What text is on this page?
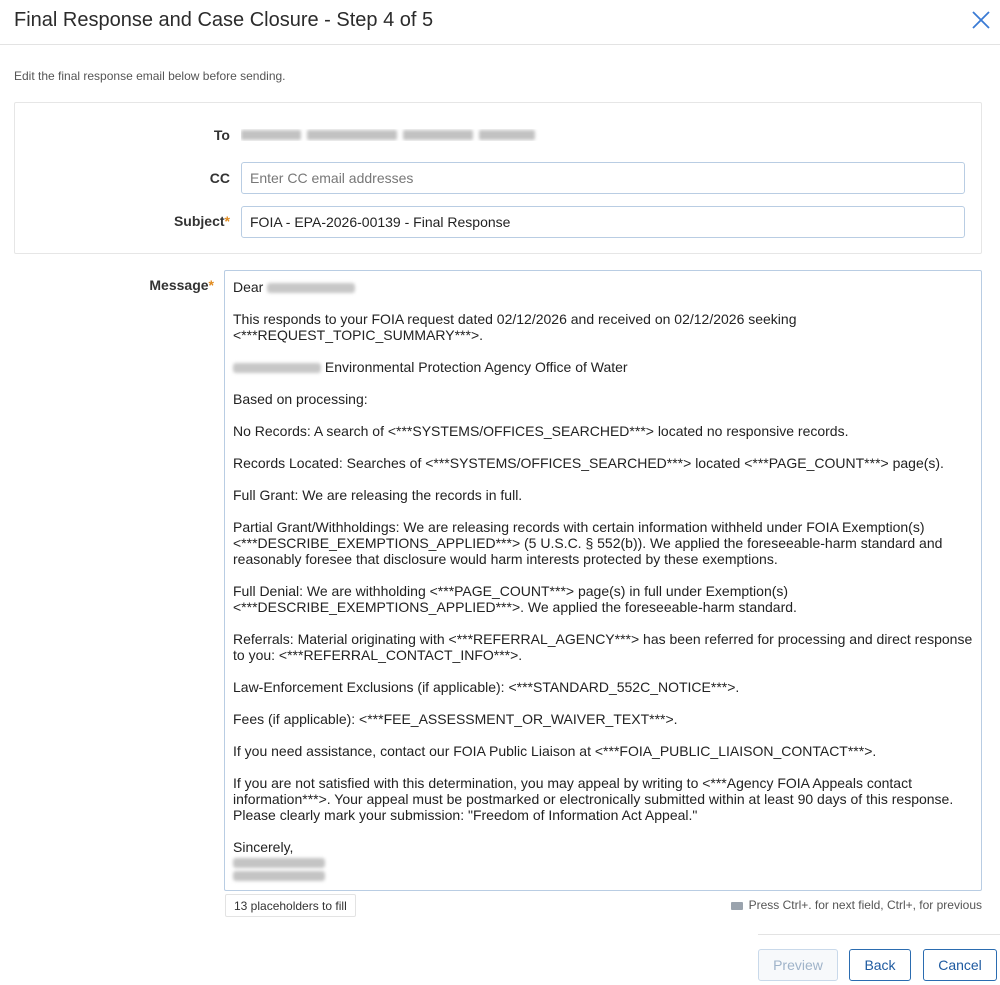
Final Response and Case Closure - Step 4 of 5
Edit the final response email below before sending.
To
CC
Enter CC email addresses
Subject*
FOIA - EPA-2026-00139 - Final Response
Message* Dear

This responds to your FOIA request dated 02/12/2026 and received on 02/12/2026 seeking <***REQUEST_TOPIC_SUMMARY***>.

Environmental Protection Agency Office of Water

Based on processing:

No Records: A search of <***SYSTEMS/OFFICES_SEARCHED***> located no responsive records.

Records Located: Searches of <***SYSTEMS/OFFICES_SEARCHED***> located <***PAGE_COUNT***> page(s).

Full Grant: We are releasing the records in full.

Partial Grant/Withholdings: We are releasing records with certain information withheld under FOIA Exemption(s) <***DESCRIBE_EXEMPTIONS_APPLIED***> (5 U.S.C. § 552(b)). We applied the foreseeable-harm standard and reasonably foresee that disclosure would harm interests protected by these exemptions.

Full Denial: We are withholding <***PAGE_COUNT***> page(s) in full under Exemption(s) <***DESCRIBE_EXEMPTIONS_APPLIED***>. We applied the foreseeable-harm standard.

Referrals: Material originating with <***REFERRAL_AGENCY***> has been referred for processing and direct response to you: <***REFERRAL_CONTACT_INFO***>.

Law-Enforcement Exclusions (if applicable): <***STANDARD_552C_NOTICE***>.

Fees (if applicable): <***FEE_ASSESSMENT_OR_WAIVER_TEXT***>.

If you need assistance, contact our FOIA Public Liaison at <***FOIA_PUBLIC_LIAISON_CONTACT***>.

If you are not satisfied with this determination, you may appeal by writing to <***Agency FOIA Appeals contact information***>. Your appeal must be postmarked or electronically submitted within at least 90 days of this response. Please clearly mark your submission: "Freedom of Information Act Appeal."

Sincerely,
13 placeholders to fill	Press Ctrl+. for next field, Ctrl+, for previous
Preview	Back	Cancel
